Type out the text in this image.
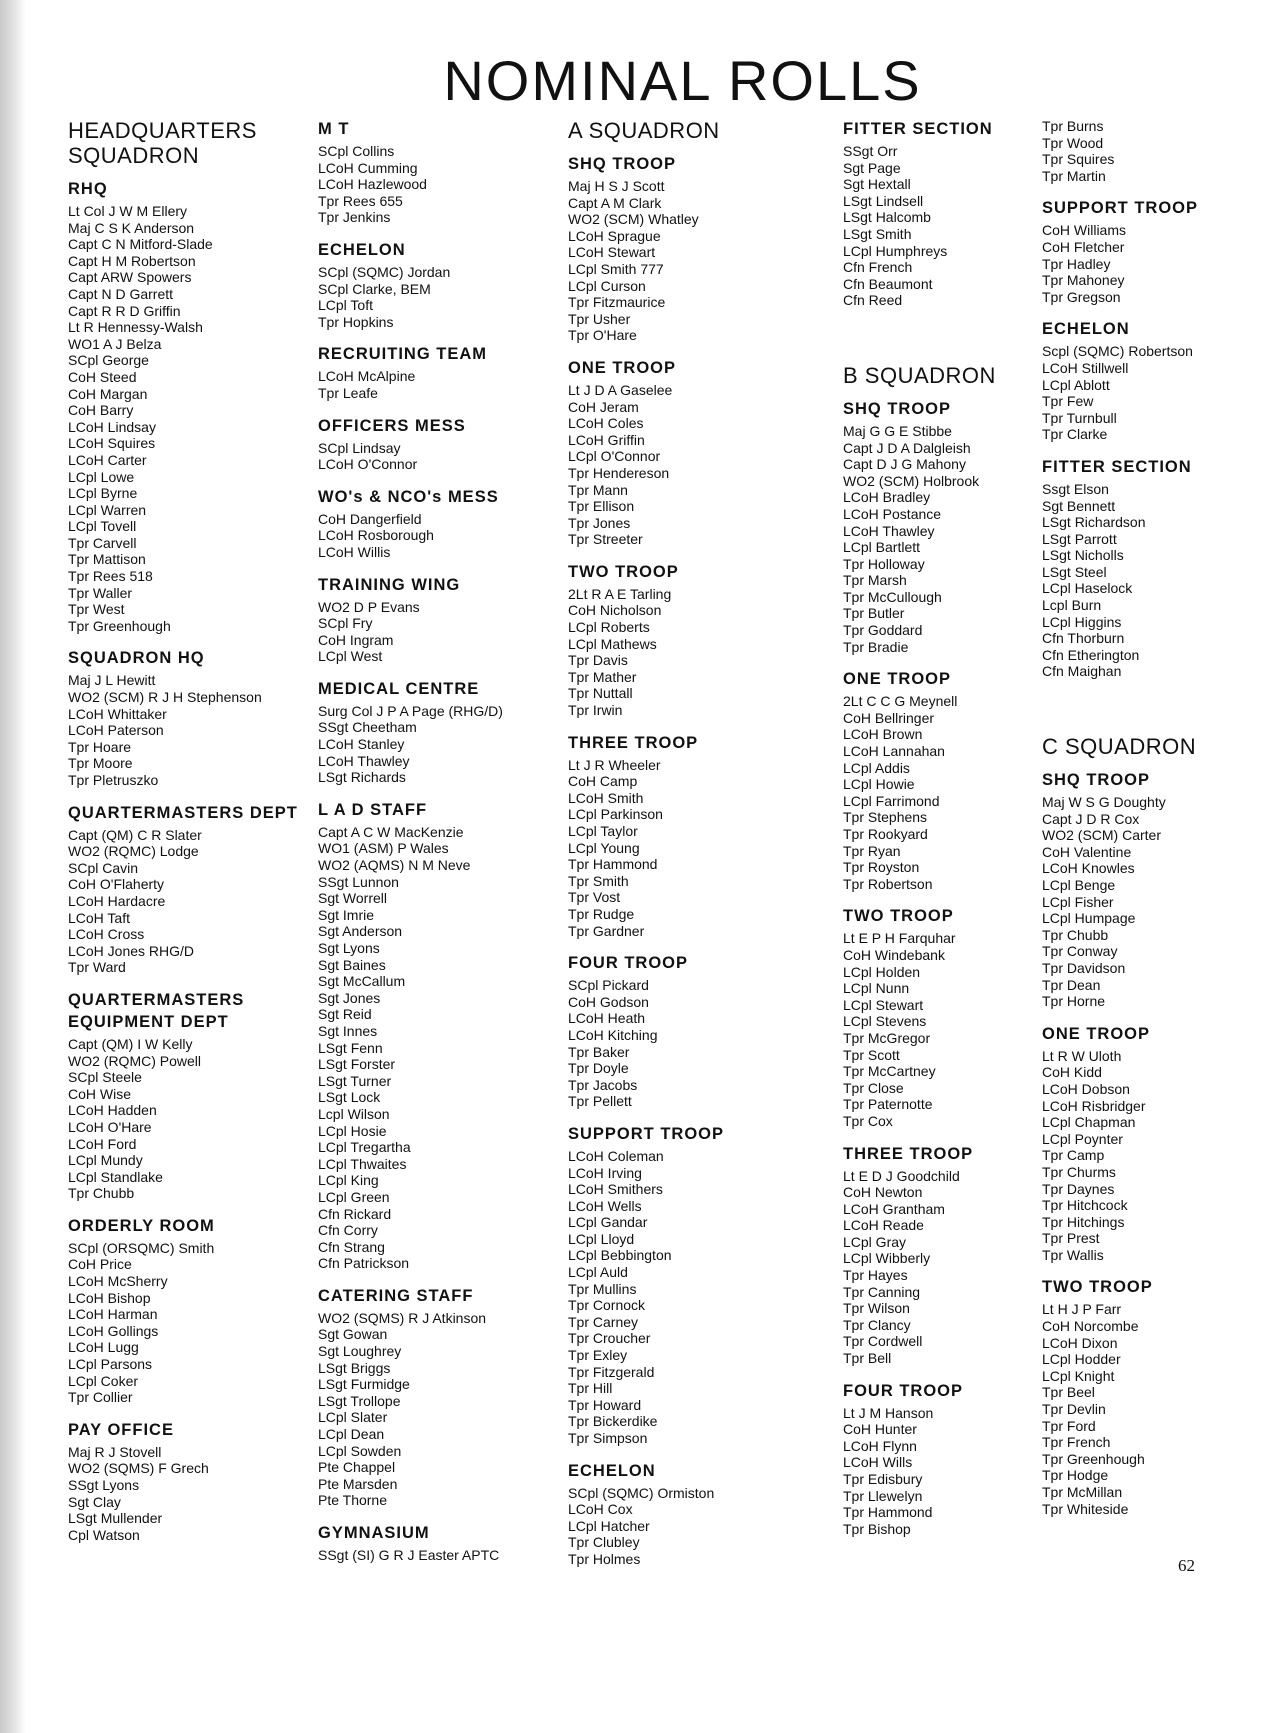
NOMINAL ROLLS
HEADQUARTERS SQUADRON
RHQ
Lt Col J W M Ellery
Maj C S K Anderson
Capt C N Mitford-Slade
Capt H M Robertson
Capt ARW Spowers
Capt N D Garrett
Capt R R D Griffin
Lt R Hennessy-Walsh
WO1 A J Belza
SCpl George
CoH Steed
CoH Margan
CoH Barry
LCoH Lindsay
LCoH Squires
LCoH Carter
LCpl Lowe
LCpl Byrne
LCpl Warren
LCpl Tovell
Tpr Carvell
Tpr Mattison
Tpr Rees 518
Tpr Waller
Tpr West
Tpr Greenhough
SQUADRON HQ
Maj J L Hewitt
WO2 (SCM) R J H Stephenson
LCoH Whittaker
LCoH Paterson
Tpr Hoare
Tpr Moore
Tpr Pletruszko
QUARTERMASTERS DEPT
Capt (QM) C R Slater
WO2 (RQMC) Lodge
SCpl Cavin
CoH O'Flaherty
LCoH Hardacre
LCoH Taft
LCoH Cross
LCoH Jones RHG/D
Tpr Ward
QUARTERMASTERS EQUIPMENT DEPT
Capt (QM) I W Kelly
WO2 (RQMC) Powell
SCpl Steele
CoH Wise
LCoH Hadden
LCoH O'Hare
LCoH Ford
LCpl Mundy
LCpl Standlake
Tpr Chubb
ORDERLY ROOM
SCpl (ORSQMC) Smith
CoH Price
LCoH McSherry
LCoH Bishop
LCoH Harman
LCoH Gollings
LCoH Lugg
LCpl Parsons
LCpl Coker
Tpr Collier
PAY OFFICE
Maj R J Stovell
WO2 (SQMS) F Grech
SSgt Lyons
Sgt Clay
LSgt Mullender
Cpl Watson
M T
SCpl Collins
LCoH Cumming
LCoH Hazlewood
Tpr Rees 655
Tpr Jenkins
ECHELON
SCpl (SQMC) Jordan
SCpl Clarke, BEM
LCpl Toft
Tpr Hopkins
RECRUITING TEAM
LCoH McAlpine
Tpr Leafe
OFFICERS MESS
SCpl Lindsay
LCoH O'Connor
WO's & NCO's MESS
CoH Dangerfield
LCoH Rosborough
LCoH Willis
TRAINING WING
WO2 D P Evans
SCpl Fry
CoH Ingram
LCpl West
MEDICAL CENTRE
Surg Col J P A Page (RHG/D)
SSgt Cheetham
LCoH Stanley
LCoH Thawley
LSgt Richards
L A D STAFF
Capt A C W MacKenzie
WO1 (ASM) P Wales
WO2 (AQMS) N M Neve
SSgt Lunnon
Sgt Worrell
Sgt Imrie
Sgt Anderson
Sgt Lyons
Sgt Baines
Sgt McCallum
Sgt Jones
Sgt Reid
Sgt Innes
LSgt Fenn
LSgt Forster
LSgt Turner
LSgt Lock
Lcpl Wilson
LCpl Hosie
LCpl Tregartha
LCpl Thwaites
LCpl King
LCpl Green
Cfn Rickard
Cfn Corry
Cfn Strang
Cfn Patrickson
CATERING STAFF
WO2 (SQMS) R J Atkinson
Sgt Gowan
Sgt Loughrey
LSgt Briggs
LSgt Furmidge
LSgt Trollope
LCpl Slater
LCpl Dean
LCpl Sowden
Pte Chappel
Pte Marsden
Pte Thorne
GYMNASIUM
SSgt (SI) G R J Easter APTC
A SQUADRON
SHQ TROOP
Maj H S J Scott
Capt A M Clark
WO2 (SCM) Whatley
LCoH Sprague
LCoH Stewart
LCpl Smith 777
LCpl Curson
Tpr Fitzmaurice
Tpr Usher
Tpr O'Hare
ONE TROOP
Lt J D A Gaselee
CoH Jeram
LCoH Coles
LCoH Griffin
LCpl O'Connor
Tpr Hendereson
Tpr Mann
Tpr Ellison
Tpr Jones
Tpr Streeter
TWO TROOP
2Lt R A E Tarling
CoH Nicholson
LCpl Roberts
LCpl Mathews
Tpr Davis
Tpr Mather
Tpr Nuttall
Tpr Irwin
THREE TROOP
Lt J R Wheeler
CoH Camp
LCoH Smith
LCpl Parkinson
LCpl Taylor
LCpl Young
Tpr Hammond
Tpr Smith
Tpr Vost
Tpr Rudge
Tpr Gardner
FOUR TROOP
SCpl Pickard
CoH Godson
LCoH Heath
LCoH Kitching
Tpr Baker
Tpr Doyle
Tpr Jacobs
Tpr Pellett
SUPPORT TROOP
LCoH Coleman
LCoH Irving
LCoH Smithers
LCoH Wells
LCpl Gandar
LCpl Lloyd
LCpl Bebbington
LCpl Auld
Tpr Mullins
Tpr Cornock
Tpr Carney
Tpr Croucher
Tpr Exley
Tpr Fitzgerald
Tpr Hill
Tpr Howard
Tpr Bickerdike
Tpr Simpson
ECHELON
SCpl (SQMC) Ormiston
LCoH Cox
LCpl Hatcher
Tpr Clubley
Tpr Holmes
FITTER SECTION
SSgt Orr
Sgt Page
Sgt Hextall
LSgt Lindsell
LSgt Halcomb
LSgt Smith
LCpl Humphreys
Cfn French
Cfn Beaumont
Cfn Reed
B SQUADRON
SHQ TROOP
Maj G G E Stibbe
Capt J D A Dalgleish
Capt D J G Mahony
WO2 (SCM) Holbrook
LCoH Bradley
LCoH Postance
LCoH Thawley
LCpl Bartlett
Tpr Holloway
Tpr Marsh
Tpr McCullough
Tpr Butler
Tpr Goddard
Tpr Bradie
ONE TROOP
2Lt C C G Meynell
CoH Bellringer
LCoH Brown
LCoH Lannahan
LCpl Addis
LCpl Howie
LCpl Farrimond
Tpr Stephens
Tpr Rookyard
Tpr Ryan
Tpr Royston
Tpr Robertson
TWO TROOP
Lt E P H Farquhar
CoH Windebank
LCpl Holden
LCpl Nunn
LCpl Stewart
LCpl Stevens
Tpr McGregor
Tpr Scott
Tpr McCartney
Tpr Close
Tpr Paternotte
Tpr Cox
THREE TROOP
Lt E D J Goodchild
CoH Newton
LCoH Grantham
LCoH Reade
LCpl Gray
LCpl Wibberly
Tpr Hayes
Tpr Canning
Tpr Wilson
Tpr Clancy
Tpr Cordwell
Tpr Bell
FOUR TROOP
Lt J M Hanson
CoH Hunter
LCoH Flynn
LCoH Wills
Tpr Edisbury
Tpr Llewelyn
Tpr Hammond
Tpr Bishop
Tpr Burns
Tpr Wood
Tpr Squires
Tpr Martin
SUPPORT TROOP
CoH Williams
CoH Fletcher
Tpr Hadley
Tpr Mahoney
Tpr Gregson
ECHELON
Scpl (SQMC) Robertson
LCoH Stillwell
LCpl Ablott
Tpr Few
Tpr Turnbull
Tpr Clarke
FITTER SECTION
Ssgt Elson
Sgt Bennett
LSgt Richardson
LSgt Parrott
LSgt Nicholls
LSgt Steel
LCpl Haselock
Lcpl Burn
LCpl Higgins
Cfn Thorburn
Cfn Etherington
Cfn Maighan
C SQUADRON
SHQ TROOP
Maj W S G Doughty
Capt J D R Cox
WO2 (SCM) Carter
CoH Valentine
LCoH Knowles
LCpl Benge
LCpl Fisher
LCpl Humpage
Tpr Chubb
Tpr Conway
Tpr Davidson
Tpr Dean
Tpr Horne
ONE TROOP
Lt R W Uloth
CoH Kidd
LCoH Dobson
LCoH Risbridger
LCpl Chapman
LCpl Poynter
Tpr Camp
Tpr Churms
Tpr Daynes
Tpr Hitchcock
Tpr Hitchings
Tpr Prest
Tpr Wallis
TWO TROOP
Lt H J P Farr
CoH Norcombe
LCoH Dixon
LCpl Hodder
LCpl Knight
Tpr Beel
Tpr Devlin
Tpr Ford
Tpr French
Tpr Greenhough
Tpr Hodge
Tpr McMillan
Tpr Whiteside
62
